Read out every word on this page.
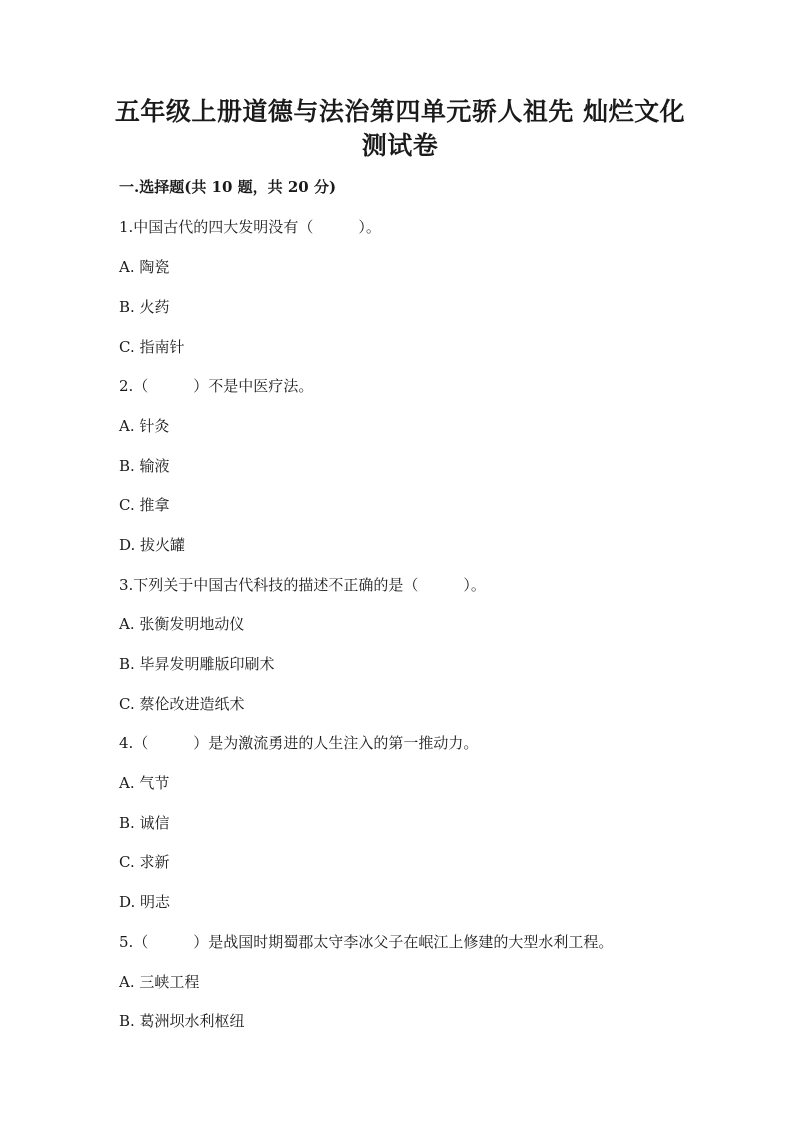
五年级上册道德与法治第四单元骄人祖先 灿烂文化
测试卷
一.选择题(共 10 题，共 20 分)
1.中国古代的四大发明没有（　　　）。
A. 陶瓷
B. 火药
C. 指南针
2.（　　　）不是中医疗法。
A. 针灸
B. 输液
C. 推拿
D. 拔火罐
3.下列关于中国古代科技的描述不正确的是（　　　）。
A. 张衡发明地动仪
B. 毕昇发明雕版印刷术
C. 蔡伦改进造纸术
4.（　　　）是为激流勇进的人生注入的第一推动力。
A. 气节
B. 诚信
C. 求新
D. 明志
5.（　　　）是战国时期蜀郡太守李冰父子在岷江上修建的大型水利工程。
A. 三峡工程
B. 葛洲坝水利枢纽
